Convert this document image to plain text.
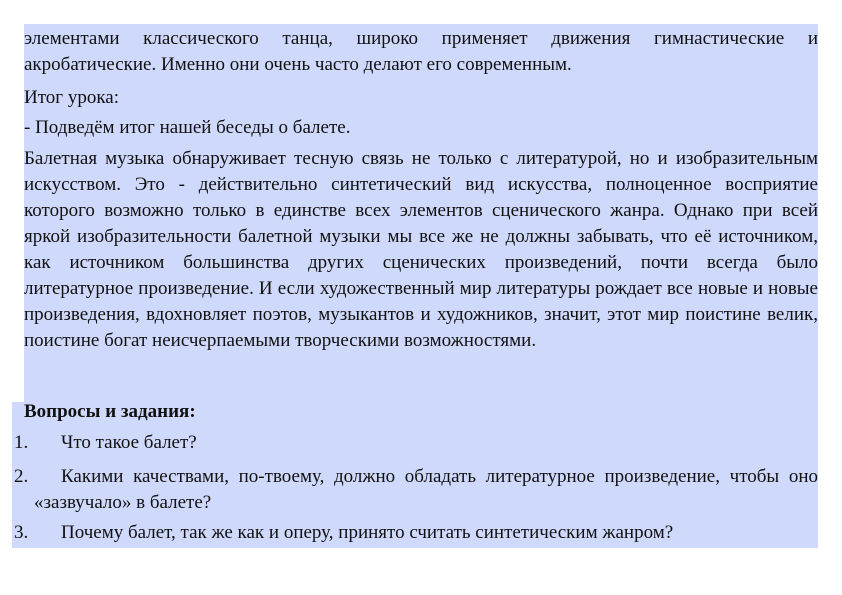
элементами классического танца, широко применяет движения гимнастические и акробатические. Именно они очень часто делают его современным.

Итог урока:

- Подведём итог нашей беседы о балете.

Балетная музыка обнаруживает тесную связь не только с литературой, но и изобразительным искусством. Это - действительно синтетический вид искусства, полноценное восприятие которого возможно только в единстве всех элементов сценического жанра. Однако при всей яркой изобразительности балетной музыки мы все же не должны забывать, что её источником, как источником большинства других сценических произведений, почти всегда было литературное произведение. И если художественный мир литературы рождает все новые и новые произведения, вдохновляет поэтов, музыкантов и художников, значит, этот мир поистине велик, поистине богат неисчерпаемыми творческими возможностями.

Вопросы и задания:

1.	Что такое балет?
2.	Какими качествами, по-твоему, должно обладать литературное произведение, чтобы оно «зазвучало» в балете?
3.	Почему балет, так же как и оперу, принято считать синтетическим жанром?
